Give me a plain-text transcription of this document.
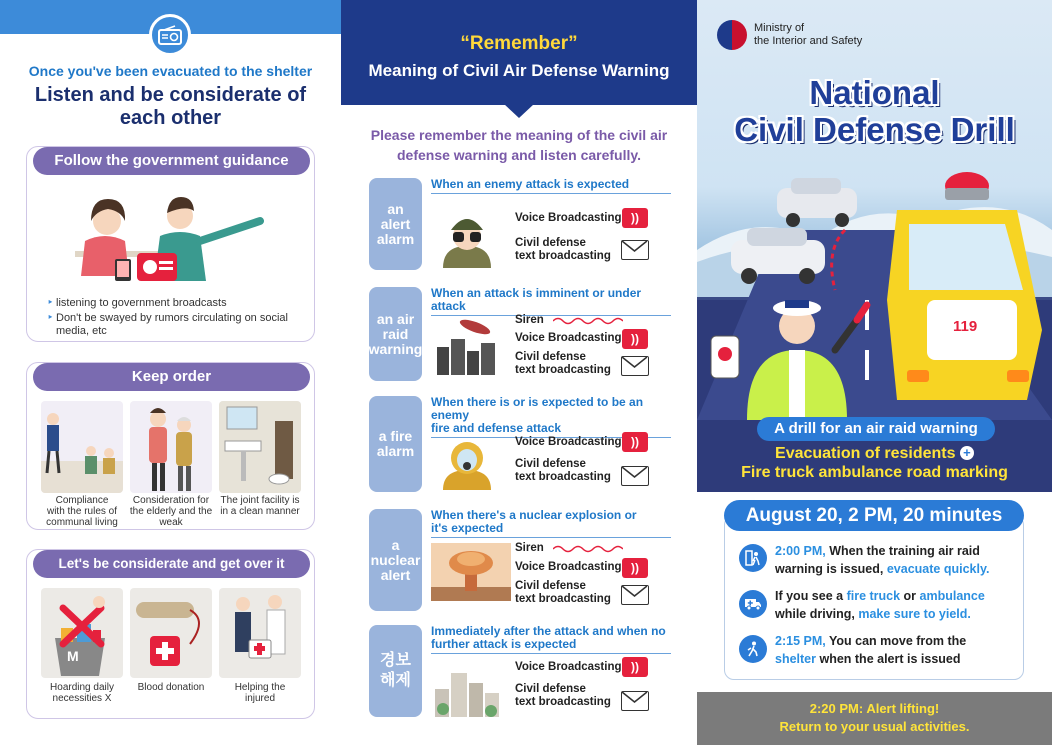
Once you've been evacuated to the shelter
Listen and be considerate of
each other
Follow the government guidance
‣ listening to government broadcasts
‣ Don't be swayed by rumors circulating on social media, etc
Keep order
Compliance
with the rules of
communal living
Consideration for
the elderly and the
weak
The joint facility is
in a clean manner
Let's be considerate and get over it
M
Hoarding daily
necessities X
Blood donation	Helping the
injured
“Remember”
Meaning of Civil Air Defense Warning
Please remember the meaning of the civil air
defense warning and listen carefully.
an
alert
alarm
When an enemy attack is expected
Voice Broadcasting ))
Civil defense
text broadcasting
an air
raid
warning
When an attack is imminent or under attack
Siren
Voice Broadcasting ))
Civil defense
text broadcasting
a fire
alarm
When there is or is expected to be an enemy
fire and defense attack
Voice Broadcasting ))
Civil defense
text broadcasting
a
nuclear
alert
When there's a nuclear explosion or
it's expected
Siren
Voice Broadcasting ))
Civil defense
text broadcasting
경보
해제
Immediately after the attack and when no
further attack is expected
Voice Broadcasting ))
Civil defense
text broadcasting
119
Ministry of
the Interior and Safety
National
Civil Defense Drill
A drill for an air raid warning
Evacuation of residents +
Fire truck ambulance road marking
August 20, 2 PM, 20 minutes
2:00 PM, When the training air raid
warning is issued, evacuate quickly.
If you see a fire truck or ambulance
while driving, make sure to yield.
2:15 PM, You can move from the
shelter when the alert is issued
2:20 PM: Alert lifting!
Return to your usual activities.
